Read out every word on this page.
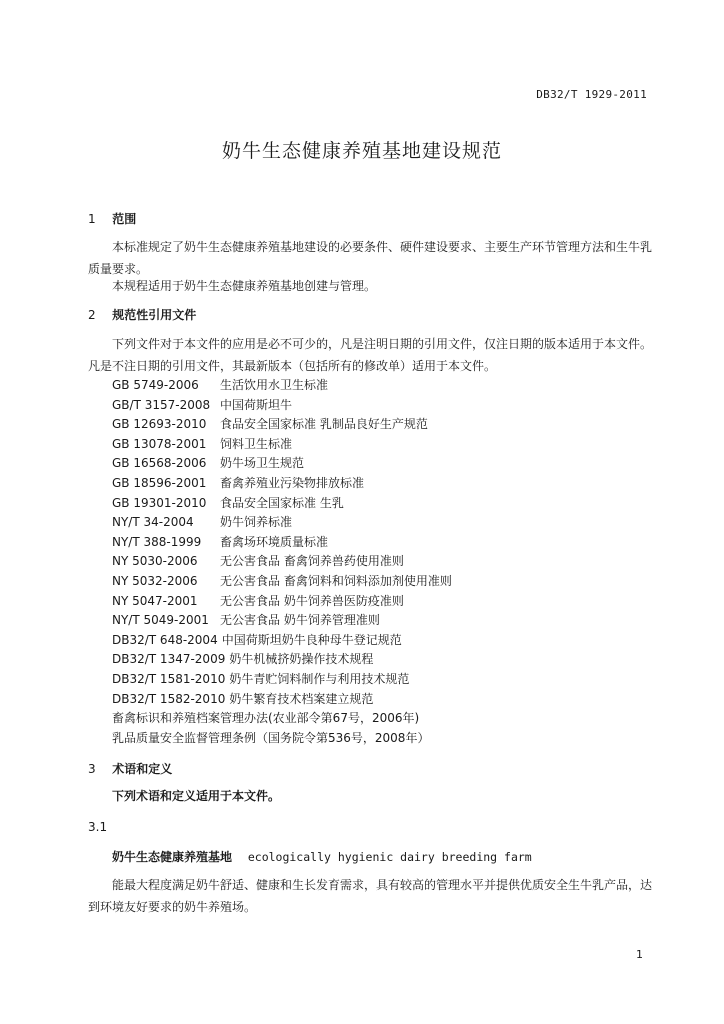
DB32/T 1929-2011
奶牛生态健康养殖基地建设规范
1 范围
本标准规定了奶牛生态健康养殖基地建设的必要条件、硬件建设要求、主要生产环节管理方法和生牛乳质量要求。
本规程适用于奶牛生态健康养殖基地创建与管理。
2 规范性引用文件
下列文件对于本文件的应用是必不可少的，凡是注明日期的引用文件，仅注日期的版本适用于本文件。凡是不注日期的引用文件，其最新版本（包括所有的修改单）适用于本文件。
GB 5749-2006 生活饮用水卫生标准
GB/T 3157-2008 中国荷斯坦牛
GB 12693-2010 食品安全国家标准 乳制品良好生产规范
GB 13078-2001 饲料卫生标准
GB 16568-2006 奶牛场卫生规范
GB 18596-2001 畜禽养殖业污染物排放标准
GB 19301-2010 食品安全国家标准 生乳
NY/T 34-2004 奶牛饲养标准
NY/T 388-1999 畜禽场环境质量标准
NY 5030-2006 无公害食品 畜禽饲养兽药使用准则
NY 5032-2006 无公害食品 畜禽饲料和饲料添加剂使用准则
NY 5047-2001 无公害食品 奶牛饲养兽医防疫准则
NY/T 5049-2001 无公害食品 奶牛饲养管理准则
DB32/T 648-2004 中国荷斯坦奶牛良种母牛登记规范
DB32/T 1347-2009 奶牛机械挤奶操作技术规程
DB32/T 1581-2010 奶牛青贮饲料制作与利用技术规范
DB32/T 1582-2010 奶牛繁育技术档案建立规范
畜禽标识和养殖档案管理办法(农业部令第67号，2006年)
乳品质量安全监督管理条例（国务院令第536号，2008年）
3 术语和定义
下列术语和定义适用于本文件。
3.1
奶牛生态健康养殖基地 ecologically hygienic dairy breeding farm
能最大程度满足奶牛舒适、健康和生长发育需求，具有较高的管理水平并提供优质安全生牛乳产品，达到环境友好要求的奶牛养殖场。
1
